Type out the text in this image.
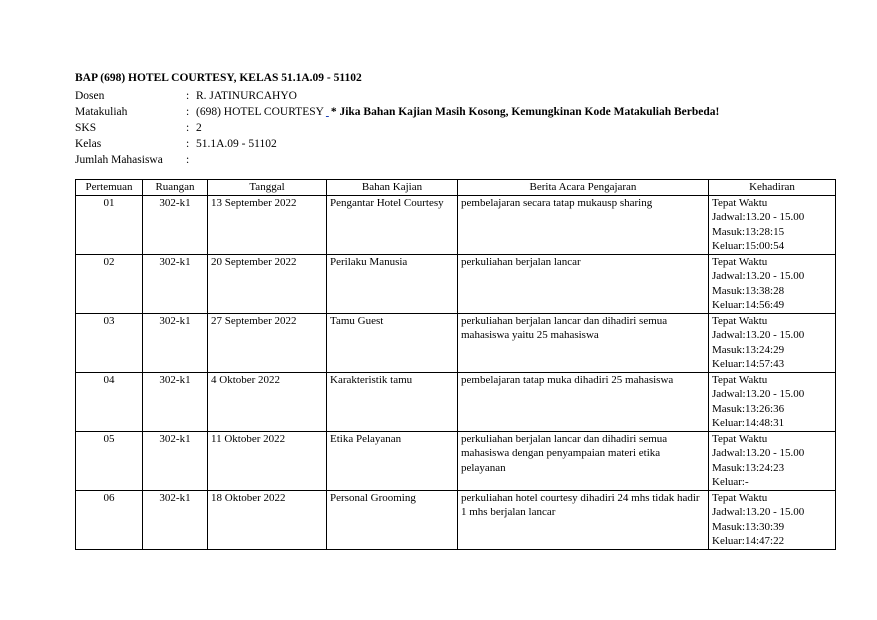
BAP (698) HOTEL COURTESY, KELAS 51.1A.09 - 51102
Dosen	: R. JATINURCAHYO
Matakuliah	: (698) HOTEL COURTESY * Jika Bahan Kajian Masih Kosong, Kemungkinan Kode Matakuliah Berbeda!
SKS	: 2
Kelas	: 51.1A.09 - 51102
Jumlah Mahasiswa	:
Pertemuan	Ruangan	Tanggal	Bahan Kajian	Berita Acara Pengajaran	Kehadiran
01	302-k1	13 September 2022	Pengantar Hotel Courtesy	pembelajaran secara tatap mukausp sharing	Tepat Waktu
Jadwal:13.20 - 15.00
Masuk:13:28:15
Keluar:15:00:54

02	302-k1	20 September 2022	Perilaku Manusia	perkuliahan berjalan lancar	Tepat Waktu
Jadwal:13.20 - 15.00
Masuk:13:38:28
Keluar:14:56:49

03	302-k1	27 September 2022	Tamu Guest	perkuliahan berjalan lancar dan dihadiri semua mahasiswa yaitu 25 mahasiswa	Tepat Waktu
Jadwal:13.20 - 15.00
Masuk:13:24:29
Keluar:14:57:43

04	302-k1	4 Oktober 2022	Karakteristik tamu	pembelajaran tatap muka dihadiri 25 mahasiswa	Tepat Waktu
Jadwal:13.20 - 15.00
Masuk:13:26:36
Keluar:14:48:31

05	302-k1	11 Oktober 2022	Etika Pelayanan	perkuliahan berjalan lancar dan dihadiri semua mahasiswa dengan penyampaian materi etika pelayanan	Tepat Waktu
Jadwal:13.20 - 15.00
Masuk:13:24:23
Keluar:-

06	302-k1	18 Oktober 2022	Personal Grooming	perkuliahan hotel courtesy dihadiri 24 mhs tidak hadir 1 mhs berjalan lancar	Tepat Waktu
Jadwal:13.20 - 15.00
Masuk:13:30:39
Keluar:14:47:22
